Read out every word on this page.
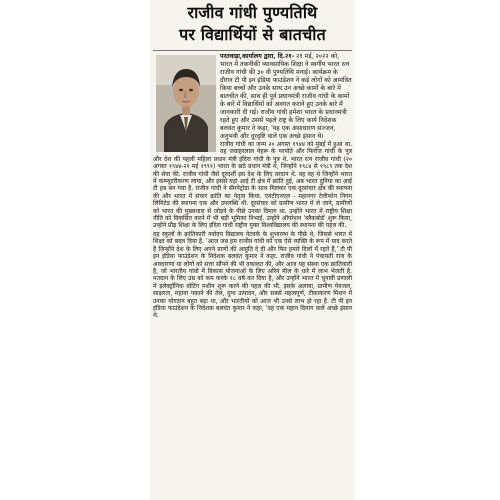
राजीव गांधी पुण्यतिथि
पर विद्यार्थियों से बातचीत
परतवाड़ा,कार्यालय द्वारा, दि.२१- २१ मई, २०२२ को, भारत में तकनीकी व्यावसायिक शिक्षा ने स्वर्गीय भारत रत्न राजीव गांधी की ३० वी पुण्यतिथि मनाई। कार्यक्रम के दौरान टी पी इन इंडिया फाउंडेशन ने कई लोगों को आमंत्रित किया बच्चों और उनके साथ उन अच्छे कामों के बारे में बातचीत की, साथ ही पूर्व प्रधानमंत्री राजीव गांधी के कामों के बारे में विद्यार्थियों को अवगत कराने हुए उनके बारे में जानकारी दी गई। राजीव गांधी हमेशा भारत के प्रधानमंत्री रहते हुए और उससे पहले राष्ट्र के लिए कार्य निदेशक बलवंत कुमार ने कहा, 'वह एक असाधारण सज्जन, अनुभवी और दूरदृष्टि वाले एक अच्छे इंसान थे।

राजीव गांधी का जन्म २० अगस्त १९४४ को मुंबई में हुआ था. वह जवाहरलाल नेहरू के परपोते और फिरोज गांधी के पुत्र और देश की पहली महिला प्रधान मंत्री इंदिरा गांधी के पुत्र थे. भारत रत्न राजीव गांधी (२० अगस्त १९४४-२१ मई १९९१) भारत के छठे प्रधान मंत्री थे, जिन्होंने १९८४ से १९८९ तक देश की सेवा की. राजीव गांधी जैसे दूरदर्शी इस देश के लिए वरदान थे. वह वह थे जिन्होंने भारत में कम्प्यूटरीकरण लाया, और इससे यहां आई टी क्षेत्र में क्रांति हुई, अब भारत दुनिया का आई टी हब बन गया है. राजीव गांधी ने सॅमपेट्रोडा के साथ मिलकर एक दूरसंचार क्षेत्र की स्थापना की और भारत में संचार क्रांति का नेतृत्व किया. एमटीएनएल - महानगर टेलीफोन निगम लिमिटेड की स्थापना एक और उपलब्धि थी. दूरसंचार को ग्रामीण भारत में ले जाने, ग्रामीणों को भारत की मुख्यधारा से जोड़ने के पीछे उनका दिमाग था. उन्होंने भारत में राष्ट्रीय शिक्षा नीति को विकसित करने में भी बड़ी भूमिका निभाई. उन्होंने ऑपरेशन 'ब्लैकबोर्ड' शुरू किया, उन्होंने प्रौढ़ शिक्षा के लिए इंदिरा गांधी राष्ट्रीय मुक्त विश्वविद्यालय की स्थापना की पहल की.

वह स्कूलों के क्रांतिकारी नवोदय विद्यालय नेटवर्क के शुभारम्भ के पीछे थे, जिससे भारत में शिक्षा को बदल दिया है. 'आज जब हम राजीव गांधी को एक ऐसे व्यक्ति के रूप में याद करते हैं जिन्होंने देश के लिए अपने प्राणों की आहुति दे दी और फिर हमारे दिलों में रहते हैं,' टी पी इन इंडिया फाउंडेशन के निदेशक बलवंत कुमार ने कहा. राजीव गांधी ने पंचायती राज के अवधारणा या लोगों को सत्ता सौंपने की भी वकालत की, और आज यह संस्था एक क्रांतिकारी है, जो भारतीय गांवों में विकास योजनाओं के लिए अरिन मील के धारे में लाभ भेजती है. मतदान के लिए उम्र को कम करके १८ वर्ष कर दिया है, और उन्होंने भारत में चुनावी प्रणाली में इलेक्ट्रॉनिक वोटिंग मशीन शुरू करने की पहल की भी. इसके अलावा, ग्रामीण पेयजल, साक्षरता, महाना पकाने की तेल, दुग्ध उत्पादन, और सबसे महत्वपूर्ण, टीकाकरण मिशन में उनका योगदान बहुत बड़ा था, और भारतीयों को आज भी उनसे लाभ हो रहा है. टी पी इन इंडिया फाउंडेशन के निदेशक बलवंत कुमार ने कहा, 'वह एक महान दिमाग वाले अच्छे इंसान थे.
